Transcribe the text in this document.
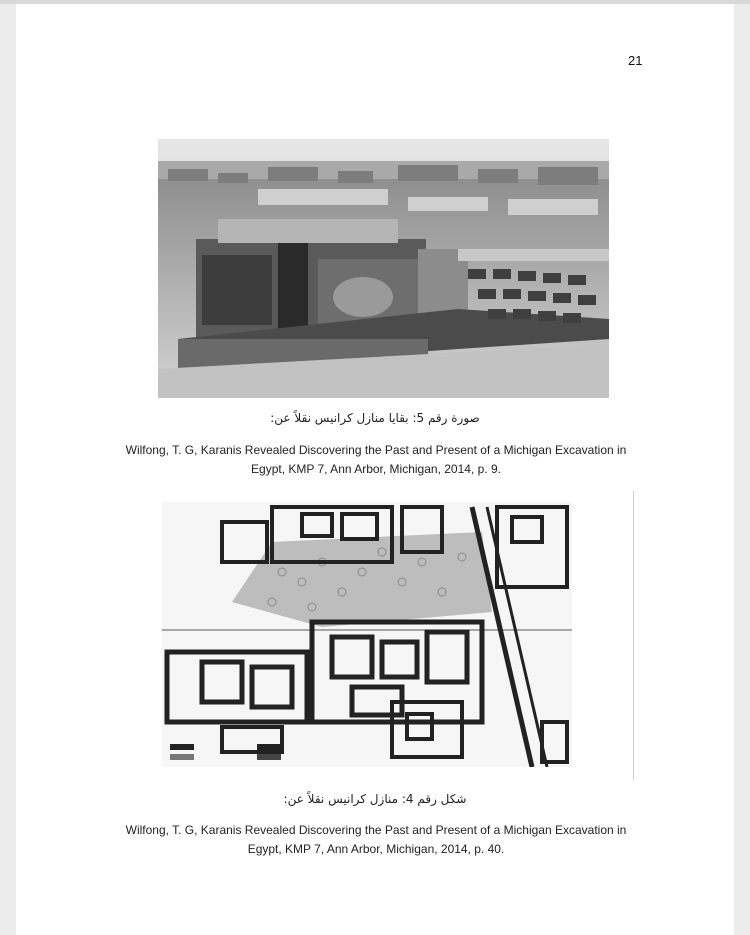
21
صورة رقم 5: بقايا منازل كرانيس نقلاً عن:
Wilfong, T. G, Karanis Revealed Discovering the Past and Present of a Michigan Excavation in
Egypt, KMP 7, Ann Arbor, Michigan, 2014, p. 9.
شكل رقم 4: منازل كرانيس نقلاً عن:
Wilfong, T. G, Karanis Revealed Discovering the Past and Present of a Michigan Excavation in
Egypt, KMP 7, Ann Arbor, Michigan, 2014, p. 40.
